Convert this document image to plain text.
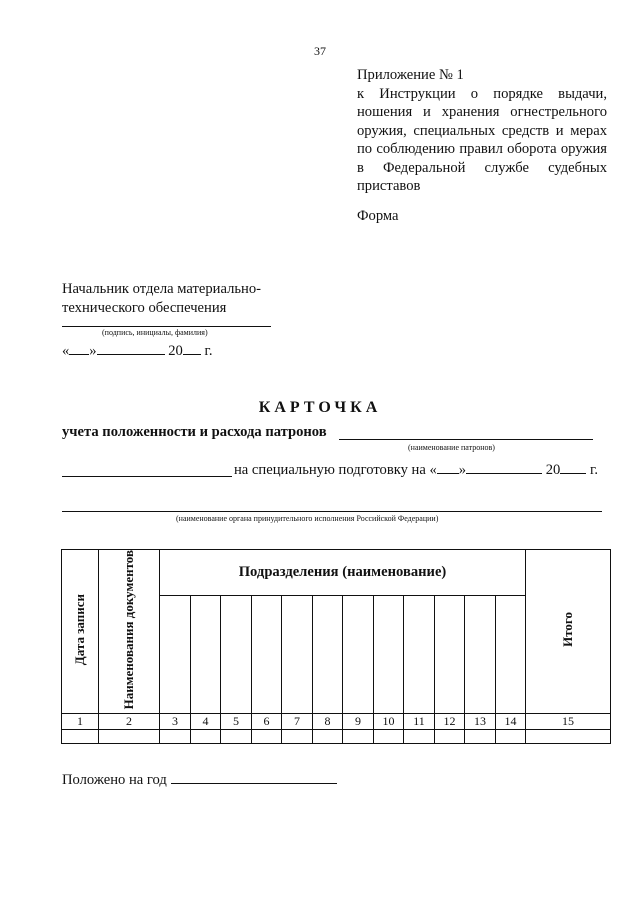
37
Приложение № 1
к Инструкции о порядке выдачи, ношения и хранения огнестрельного оружия, специальных средств и мерах по соблюдению правил оборота оружия в Федеральной службе судебных приставов
Форма
Начальник отдела материально-
технического обеспечения
(подпись, инициалы, фамилия)
« »	20 г.
КАРТОЧКА
учета положенности и расхода патронов
(наименование патронов)
на специальную подготовку на « »	20 г.
(наименование органа принудительного исполнения Российской Федерации)
Дата записи	Наименования документов	Подразделения (наименование)												Итого

1	2	3	4	5	6	7	8	9	10	11	12	13	14	15

Положено на год
